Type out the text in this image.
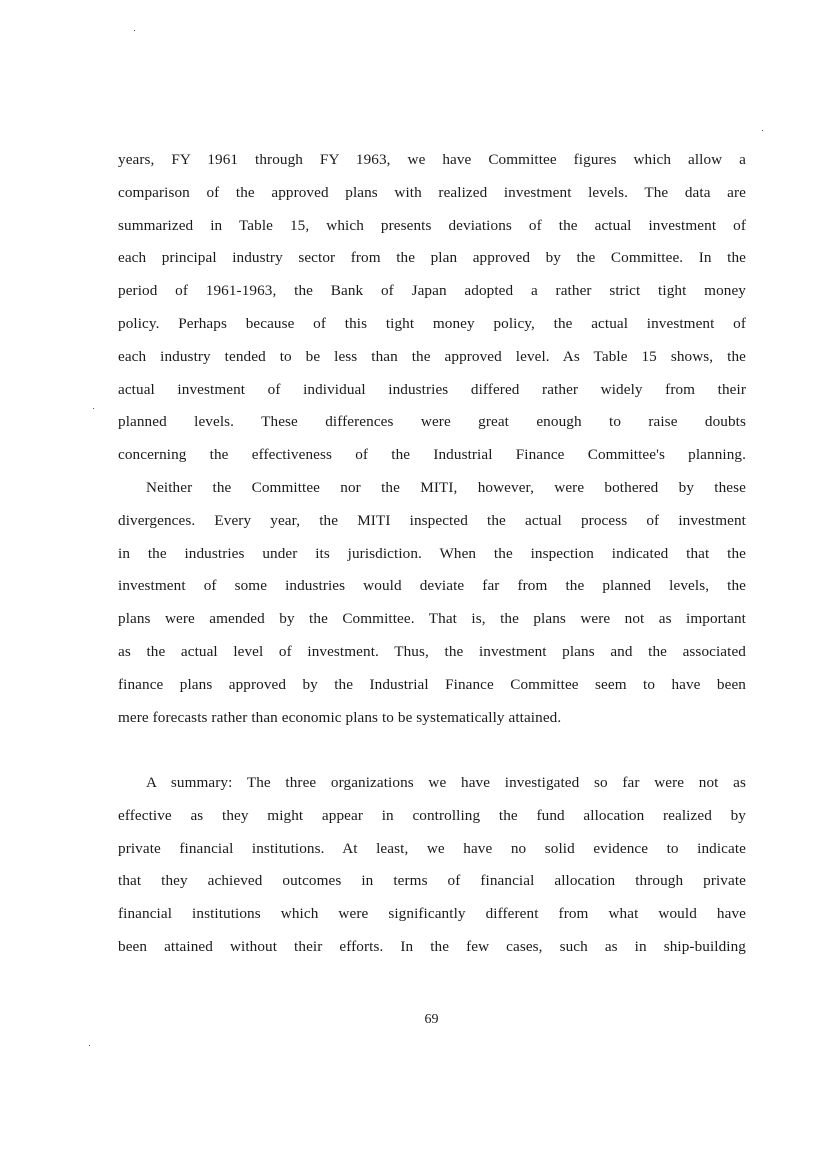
years, FY 1961 through FY 1963, we have Committee figures which allow a
comparison of the approved plans with realized investment levels. The data are
summarized in Table 15, which presents deviations of the actual investment of
each principal industry sector from the plan approved by the Committee. In the
period of 1961-1963, the Bank of Japan adopted a rather strict tight money
policy. Perhaps because of this tight money policy, the actual investment of
each industry tended to be less than the approved level. As Table 15 shows, the
actual investment of individual industries differed rather widely from their
planned levels. These differences were great enough to raise doubts
concerning the effectiveness of the Industrial Finance Committee's planning.
Neither the Committee nor the MITI, however, were bothered by these
divergences. Every year, the MITI inspected the actual process of investment
in the industries under its jurisdiction. When the inspection indicated that the
investment of some industries would deviate far from the planned levels, the
plans were amended by the Committee. That is, the plans were not as important
as the actual level of investment. Thus, the investment plans and the associated
finance plans approved by the Industrial Finance Committee seem to have been
mere forecasts rather than economic plans to be systematically attained.
A summary: The three organizations we have investigated so far were not as
effective as they might appear in controlling the fund allocation realized by
private financial institutions. At least, we have no solid evidence to indicate
that they achieved outcomes in terms of financial allocation through private
financial institutions which were significantly different from what would have
been attained without their efforts. In the few cases, such as in ship-building
69
